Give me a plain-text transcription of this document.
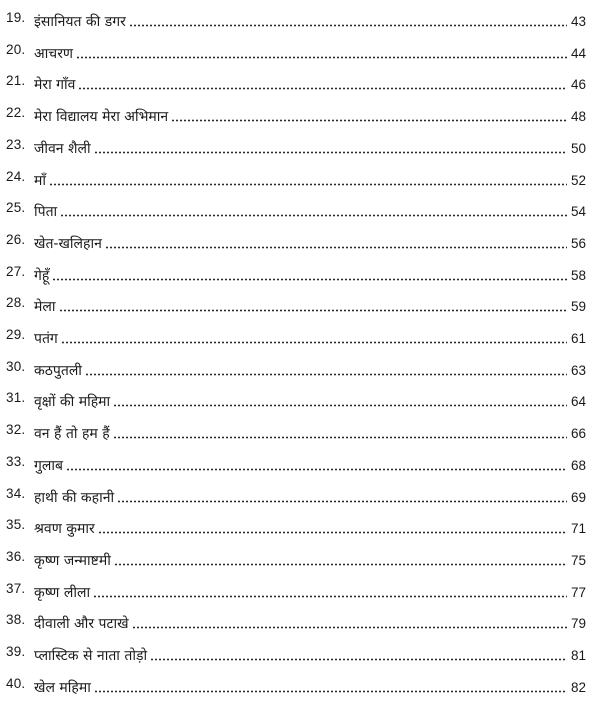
19. इंसानियत की डगर	43
20. आचरण	44
21. मेरा गाँव	46
22. मेरा विद्यालय मेरा अभिमान	48
23. जीवन शैली	50
24. माँ	52
25. पिता	54
26. खेत-खलिहान	56
27. गेहूँ	58
28. मेला	59
29. पतंग	61
30. कठपुतली	63
31. वृक्षों की महिमा	64
32. वन हैं तो हम हैं	66
33. गुलाब	68
34. हाथी की कहानी	69
35. श्रवण कुमार	71
36. कृष्ण जन्माष्टमी	75
37. कृष्ण लीला	77
38. दीवाली और पटाखे	79
39. प्लास्टिक से नाता तोड़ो	81
40. खेल महिमा	82
